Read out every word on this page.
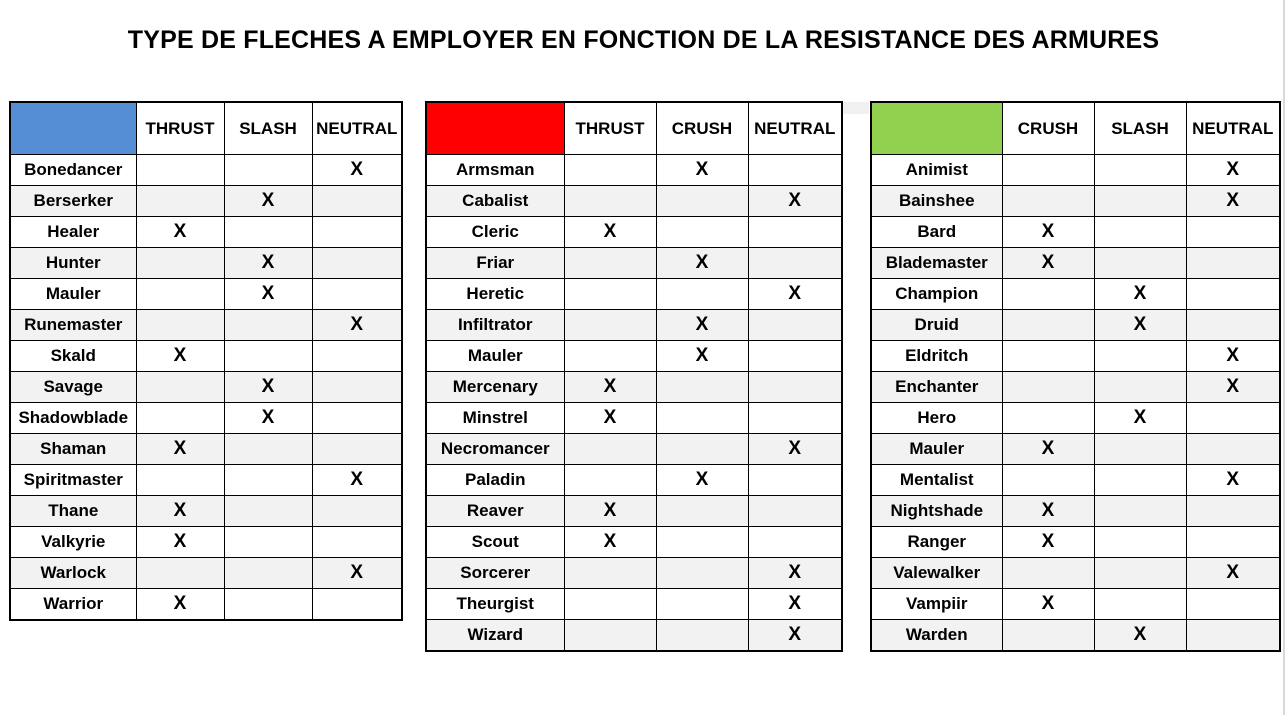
TYPE DE FLECHES A EMPLOYER EN FONCTION DE LA RESISTANCE DES ARMURES
	THRUST	SLASH	NEUTRAL
Bonedancer			X
Berserker		X	
Healer	X		
Hunter		X	
Mauler		X	
Runemaster			X
Skald	X		
Savage		X	
Shadowblade		X	
Shaman	X		
Spiritmaster			X
Thane	X		
Valkyrie	X		
Warlock			X
Warrior	X		
	THRUST	CRUSH	NEUTRAL
Armsman		X	
Cabalist			X
Cleric	X		
Friar		X	
Heretic			X
Infiltrator		X	
Mauler		X	
Mercenary	X		
Minstrel	X		
Necromancer			X
Paladin		X	
Reaver	X		
Scout	X		
Sorcerer			X
Theurgist			X
Wizard			X
	CRUSH	SLASH	NEUTRAL
Animist			X
Bainshee			X
Bard	X		
Blademaster	X		
Champion		X	
Druid		X	
Eldritch			X
Enchanter			X
Hero		X	
Mauler	X		
Mentalist			X
Nightshade	X		
Ranger	X		
Valewalker			X
Vampiir	X		
Warden		X	
